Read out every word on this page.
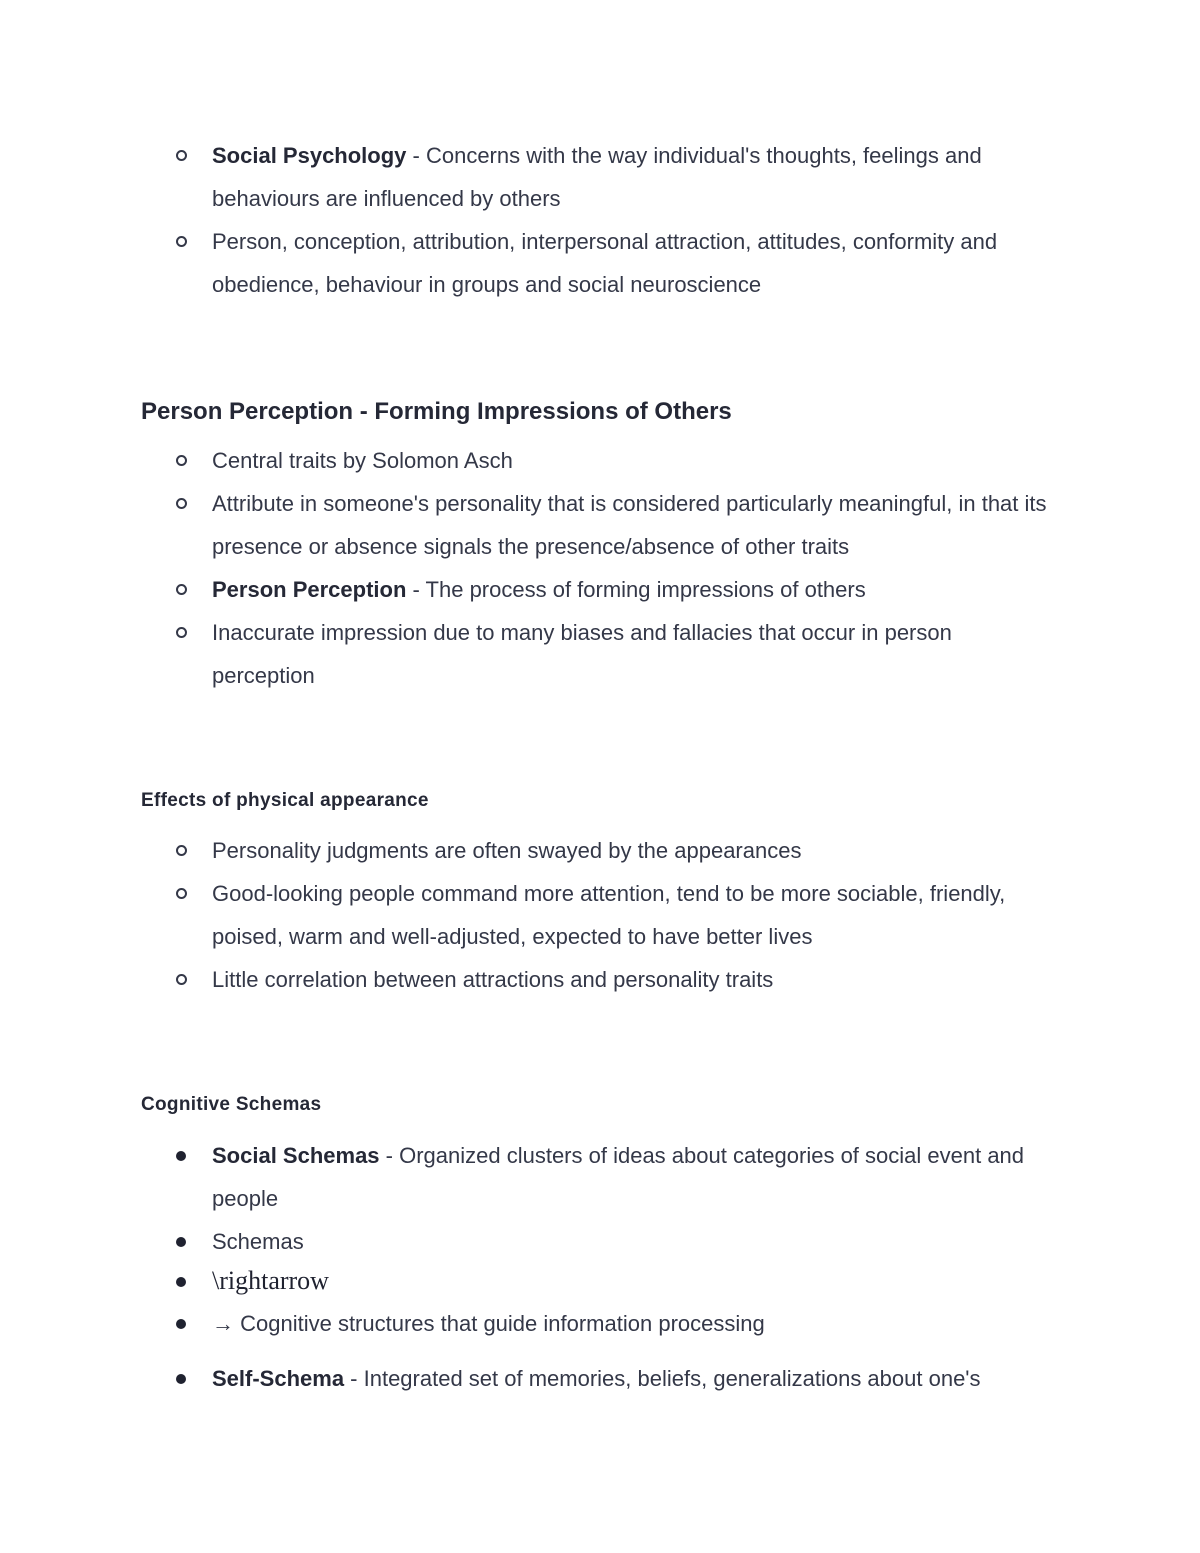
Social Psychology - Concerns with the way individual's thoughts, feelings and behaviours are influenced by others
Person, conception, attribution, interpersonal attraction, attitudes, conformity and obedience, behaviour in groups and social neuroscience
Person Perception - Forming Impressions of Others
Central traits by Solomon Asch
Attribute in someone's personality that is considered particularly meaningful, in that its presence or absence signals the presence/absence of other traits
Person Perception - The process of forming impressions of others
Inaccurate impression due to many biases and fallacies that occur in person perception
Effects of physical appearance
Personality judgments are often swayed by the appearances
Good-looking people command more attention, tend to be more sociable, friendly, poised, warm and well-adjusted, expected to have better lives
Little correlation between attractions and personality traits
Cognitive Schemas
Social Schemas - Organized clusters of ideas about categories of social event and people
Schemas
\rightarrow
→ Cognitive structures that guide information processing
Self-Schema - Integrated set of memories, beliefs, generalizations about one's
